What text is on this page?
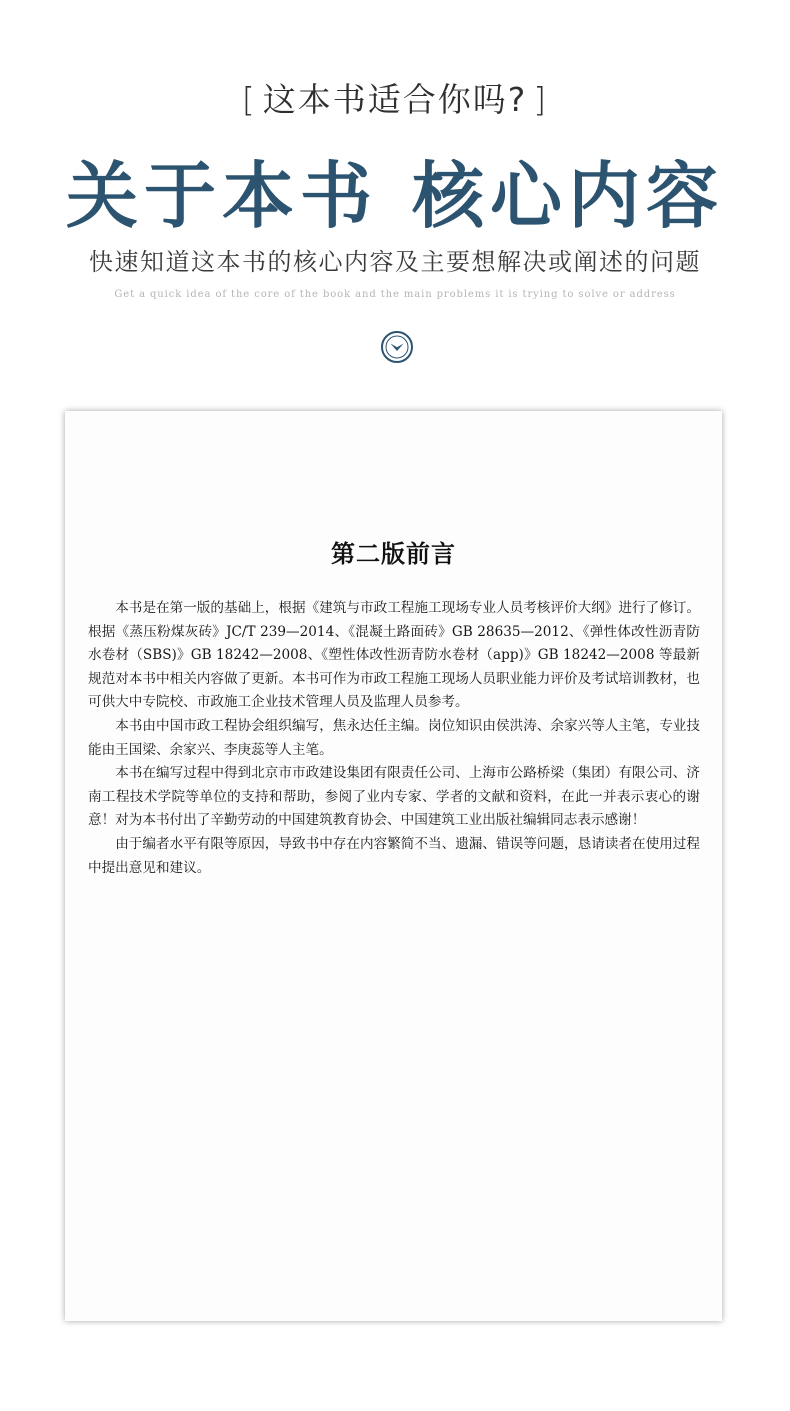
[ 这本书适合你吗? ]
关于本书 核心内容
快速知道这本书的核心内容及主要想解决或阐述的问题
Get a quick idea of the core of the book and the main problems it is trying to solve or address
第二版前言

本书是在第一版的基础上，根据《建筑与市政工程施工现场专业人员考核评价大纲》进行了修订。根据《蒸压粉煤灰砖》JC/T 239—2014、《混凝土路面砖》GB 28635—2012、《弹性体改性沥青防水卷材（SBS)》GB 18242—2008、《塑性体改性沥青防水卷材（app)》GB 18242—2008 等最新规范对本书中相关内容做了更新。本书可作为市政工程施工现场人员职业能力评价及考试培训教材，也可供大中专院校、市政施工企业技术管理人员及监理人员参考。

本书由中国市政工程协会组织编写，焦永达任主编。岗位知识由侯洪涛、余家兴等人主笔，专业技能由王国梁、余家兴、李庚蕊等人主笔。

本书在编写过程中得到北京市市政建设集团有限责任公司、上海市公路桥梁（集团）有限公司、济南工程技术学院等单位的支持和帮助，参阅了业内专家、学者的文献和资料，在此一并表示衷心的谢意！对为本书付出了辛勤劳动的中国建筑教育协会、中国建筑工业出版社编辑同志表示感谢！

由于编者水平有限等原因，导致书中存在内容繁简不当、遗漏、错误等问题，恳请读者在使用过程中提出意见和建议。
